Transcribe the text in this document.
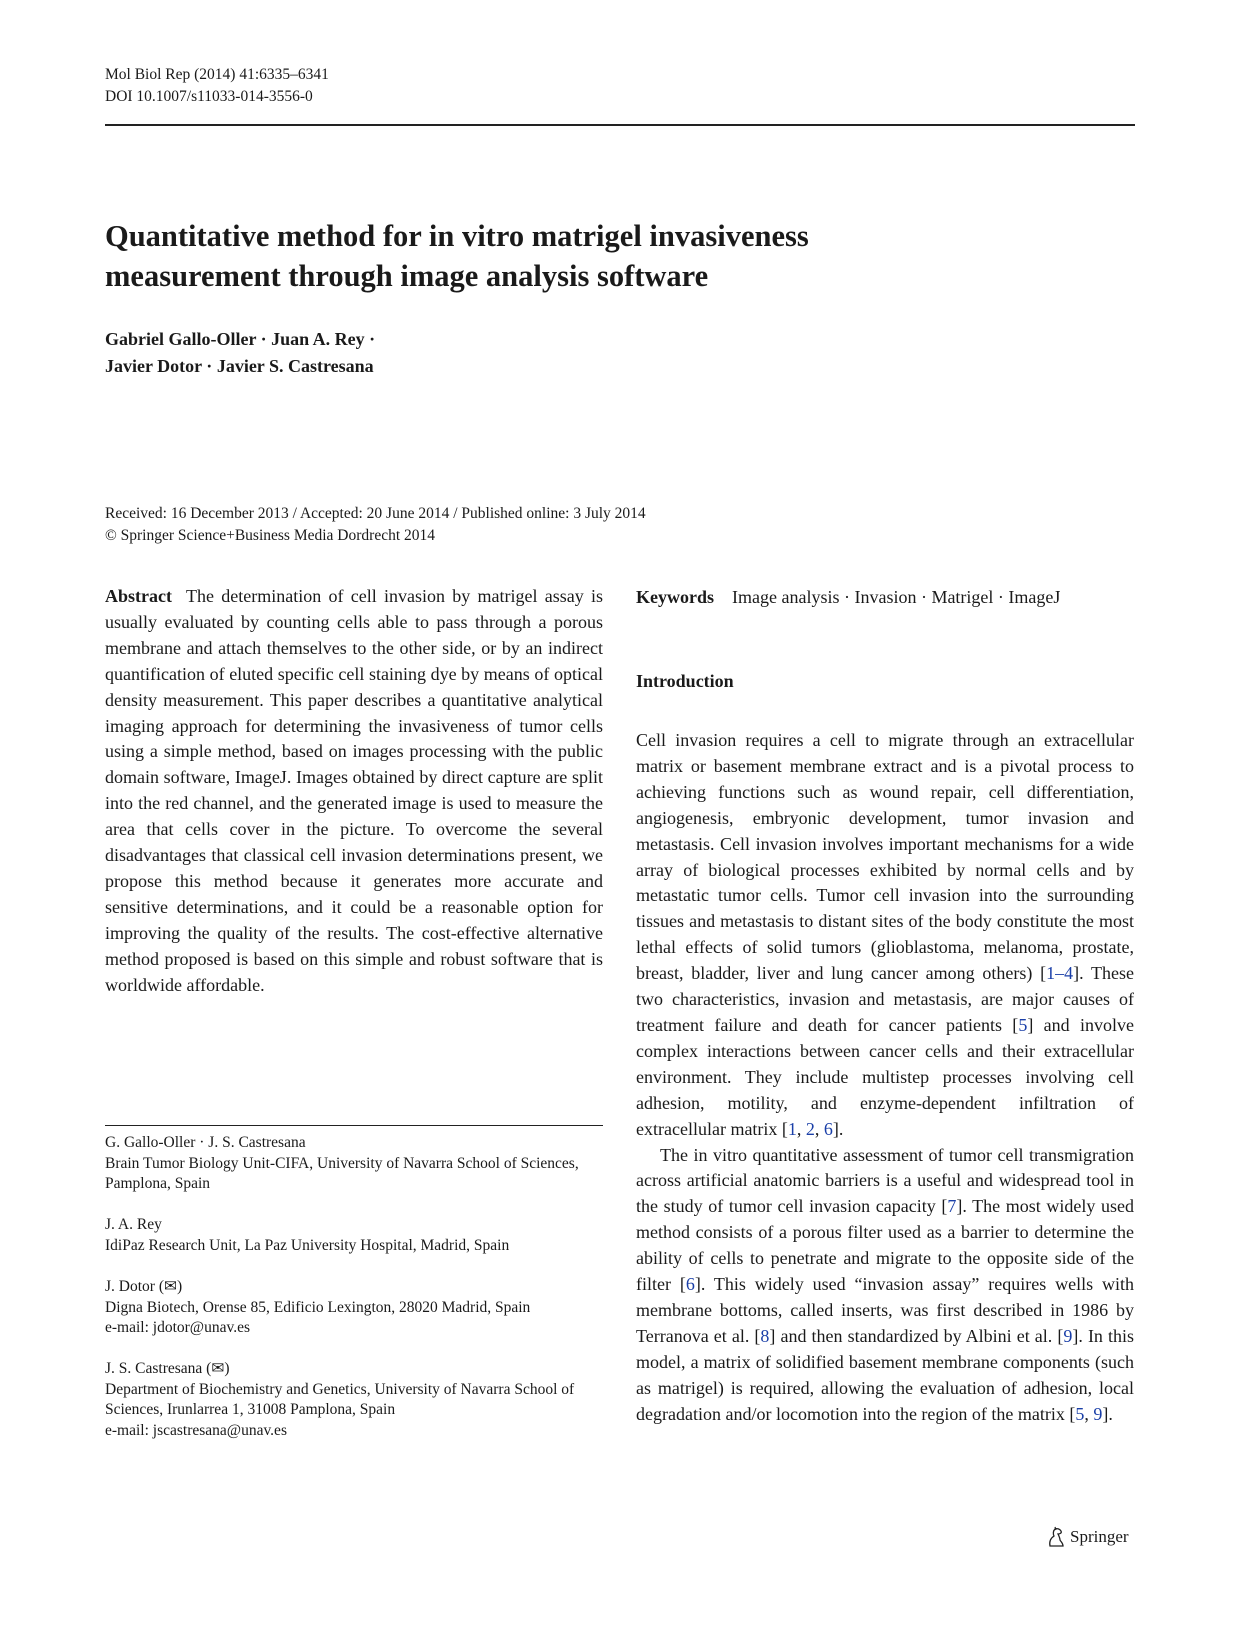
Mol Biol Rep (2014) 41:6335–6341
DOI 10.1007/s11033-014-3556-0
Quantitative method for in vitro matrigel invasiveness
measurement through image analysis software
Gabriel Gallo-Oller · Juan A. Rey ·
Javier Dotor · Javier S. Castresana
Received: 16 December 2013 / Accepted: 20 June 2014 / Published online: 3 July 2014
© Springer Science+Business Media Dordrecht 2014

Abstract The determination of cell invasion by matrigel assay is usually evaluated by counting cells able to pass through a porous membrane and attach themselves to the other side, or by an indirect quantification of eluted specific cell staining dye by means of optical density measurement. This paper describes a quantitative analytical imaging approach for determining the invasiveness of tumor cells using a simple method, based on images processing with the public domain software, ImageJ. Images obtained by direct capture are split into the red channel, and the generated image is used to measure the area that cells cover in the picture. To overcome the several disadvantages that classical cell invasion determinations present, we propose this method because it generates more accurate and sensitive determinations, and it could be a reasonable option for improving the quality of the results. The cost-effective alternative method proposed is based on this simple and robust software that is worldwide affordable.

G. Gallo-Oller · J. S. Castresana
Brain Tumor Biology Unit-CIFA, University of Navarra School of Sciences, Pamplona, Spain
J. A. Rey
IdiPaz Research Unit, La Paz University Hospital, Madrid, Spain
J. Dotor (✉)
Digna Biotech, Orense 85, Edificio Lexington, 28020 Madrid, Spain
e-mail: jdotor@unav.es
J. S. Castresana (✉)
Department of Biochemistry and Genetics, University of Navarra School of Sciences, Irunlarrea 1, 31008 Pamplona, Spain
e-mail: jscastresana@unav.es
Keywords Image analysis · Invasion · Matrigel · ImageJ
Introduction

Cell invasion requires a cell to migrate through an extracellular matrix or basement membrane extract and is a pivotal process to achieving functions such as wound repair, cell differentiation, angiogenesis, embryonic development, tumor invasion and metastasis. Cell invasion involves important mechanisms for a wide array of biological processes exhibited by normal cells and by metastatic tumor cells. Tumor cell invasion into the surrounding tissues and metastasis to distant sites of the body constitute the most lethal effects of solid tumors (glioblastoma, melanoma, prostate, breast, bladder, liver and lung cancer among others) [1–4]. These two characteristics, invasion and metastasis, are major causes of treatment failure and death for cancer patients [5] and involve complex interactions between cancer cells and their extracellular environment. They include multistep processes involving cell adhesion, motility, and enzyme-dependent infiltration of extracellular matrix [1, 2, 6].

The in vitro quantitative assessment of tumor cell transmigration across artificial anatomic barriers is a useful and widespread tool in the study of tumor cell invasion capacity [7]. The most widely used method consists of a porous filter used as a barrier to determine the ability of cells to penetrate and migrate to the opposite side of the filter [6]. This widely used “invasion assay” requires wells with membrane bottoms, called inserts, was first described in 1986 by Terranova et al. [8] and then standardized by Albini et al. [9]. In this model, a matrix of solidified basement membrane components (such as matrigel) is required, allowing the evaluation of adhesion, local degradation and/or locomotion into the region of the matrix [5, 9].

Springer
